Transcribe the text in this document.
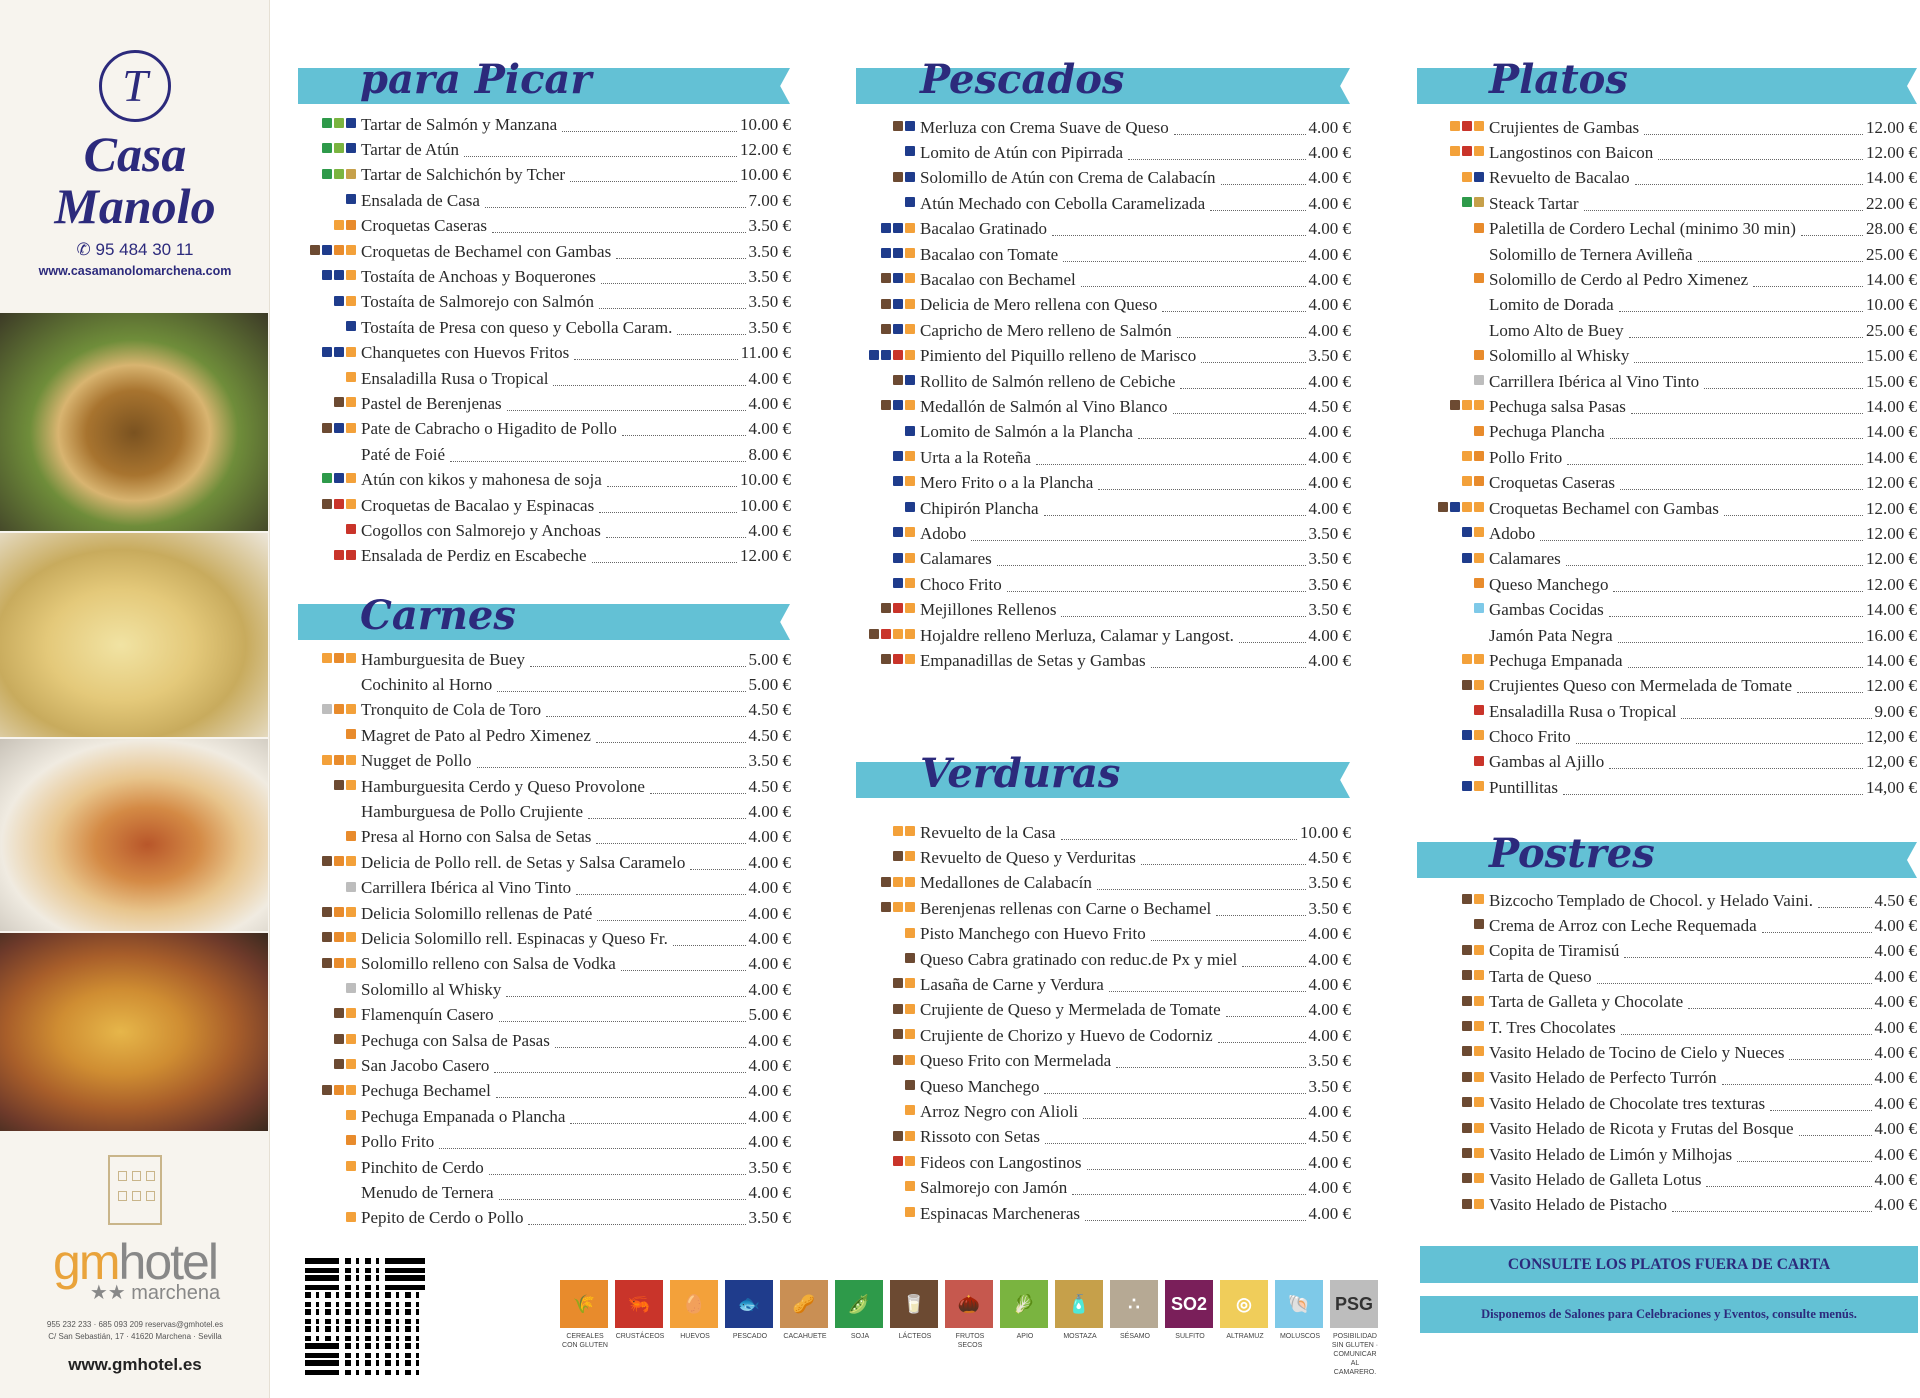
T
Casa
Manolo
✆ 95 484 30 11
www.casamanolomarchena.com
gmhotel
★★ marchena
955 232 233 · 685 093 209 reservas@gmhotel.es
C/ San Sebastián, 17 · 41620 Marchena · Sevilla
www.gmhotel.es
para Picar
Tartar de Salmón y Manzana	10.00 €
Tartar de Atún	12.00 €
Tartar de Salchichón by Tcher	10.00 €
Ensalada de Casa	7.00 €
Croquetas Caseras	3.50 €
Croquetas de Bechamel con Gambas	3.50 €
Tostaíta de Anchoas y Boquerones	3.50 €
Tostaíta de Salmorejo con Salmón	3.50 €
Tostaíta de Presa con queso y Cebolla Caram.	3.50 €
Chanquetes con Huevos Fritos	11.00 €
Ensaladilla Rusa o Tropical	4.00 €
Pastel de Berenjenas	4.00 €
Pate de Cabracho o Higadito de Pollo	4.00 €
Paté de Foié	8.00 €
Atún con kikos y mahonesa de soja	10.00 €
Croquetas de Bacalao y Espinacas	10.00 €
Cogollos con Salmorejo y Anchoas	4.00 €
Ensalada de Perdiz en Escabeche	12.00 €
Carnes
Hamburguesita de Buey	5.00 €
Cochinito al Horno	5.00 €
Tronquito de Cola de Toro	4.50 €
Magret de Pato al Pedro Ximenez	4.50 €
Nugget de Pollo	3.50 €
Hamburguesita Cerdo y Queso Provolone	4.50 €
Hamburguesa de Pollo Crujiente	4.00 €
Presa al Horno con Salsa de Setas	4.00 €
Delicia de Pollo rell. de Setas y Salsa Caramelo	4.00 €
Carrillera Ibérica al Vino Tinto	4.00 €
Delicia Solomillo rellenas de Paté	4.00 €
Delicia Solomillo rell. Espinacas y Queso Fr.	4.00 €
Solomillo relleno con Salsa de Vodka	4.00 €
Solomillo al Whisky	4.00 €
Flamenquín Casero	5.00 €
Pechuga con Salsa de Pasas	4.00 €
San Jacobo Casero	4.00 €
Pechuga Bechamel	4.00 €
Pechuga Empanada o Plancha	4.00 €
Pollo Frito	4.00 €
Pinchito de Cerdo	3.50 €
Menudo de Ternera	4.00 €
Pepito de Cerdo o Pollo	3.50 €
Pescados
Merluza con Crema Suave de Queso	4.00 €
Lomito de Atún con Pipirrada	4.00 €
Solomillo de Atún con Crema de Calabacín	4.00 €
Atún Mechado con Cebolla Caramelizada	4.00 €
Bacalao Gratinado	4.00 €
Bacalao con Tomate	4.00 €
Bacalao con Bechamel	4.00 €
Delicia de Mero rellena con Queso	4.00 €
Capricho de Mero relleno de Salmón	4.00 €
Pimiento del Piquillo relleno de Marisco	3.50 €
Rollito de Salmón relleno de Cebiche	4.00 €
Medallón de Salmón al Vino Blanco	4.50 €
Lomito de Salmón a la Plancha	4.00 €
Urta a la Roteña	4.00 €
Mero Frito o a la Plancha	4.00 €
Chipirón Plancha	4.00 €
Adobo	3.50 €
Calamares	3.50 €
Choco Frito	3.50 €
Mejillones Rellenos	3.50 €
Hojaldre relleno Merluza, Calamar y Langost.	4.00 €
Empanadillas de Setas y Gambas	4.00 €
Verduras
Revuelto de la Casa	10.00 €
Revuelto de Queso y Verduritas	4.50 €
Medallones de Calabacín	3.50 €
Berenjenas rellenas con Carne o Bechamel	3.50 €
Pisto Manchego con Huevo Frito	4.00 €
Queso Cabra gratinado con reduc.de Px y miel	4.00 €
Lasaña de Carne y Verdura	4.00 €
Crujiente de Queso y Mermelada de Tomate	4.00 €
Crujiente de Chorizo y Huevo de Codorniz	4.00 €
Queso Frito con Mermelada	3.50 €
Queso Manchego	3.50 €
Arroz Negro con Alioli	4.00 €
Rissoto con Setas	4.50 €
Fideos con Langostinos	4.00 €
Salmorejo con Jamón	4.00 €
Espinacas Marcheneras	4.00 €
Platos
Crujientes de Gambas	12.00 €
Langostinos con Baicon	12.00 €
Revuelto de Bacalao	14.00 €
Steack Tartar	22.00 €
Paletilla de Cordero Lechal (minimo 30 min)	28.00 €
Solomillo de Ternera Avilleña	25.00 €
Solomillo de Cerdo al Pedro Ximenez	14.00 €
Lomito de Dorada	10.00 €
Lomo Alto de Buey	25.00 €
Solomillo al Whisky	15.00 €
Carrillera Ibérica al Vino Tinto	15.00 €
Pechuga salsa Pasas	14.00 €
Pechuga Plancha	14.00 €
Pollo Frito	14.00 €
Croquetas Caseras	12.00 €
Croquetas Bechamel con Gambas	12.00 €
Adobo	12.00 €
Calamares	12.00 €
Queso Manchego	12.00 €
Gambas Cocidas	14.00 €
Jamón Pata Negra	16.00 €
Pechuga Empanada	14.00 €
Crujientes Queso con Mermelada de Tomate	12.00 €
Ensaladilla Rusa o Tropical	9.00 €
Choco Frito	12,00 €
Gambas al Ajillo	12,00 €
Puntillitas	14,00 €
Postres
Bizcocho Templado de Chocol. y Helado Vaini.	4.50 €
Crema de Arroz con Leche Requemada	4.00 €
Copita de Tiramisú	4.00 €
Tarta de Queso	4.00 €
Tarta de Galleta y Chocolate	4.00 €
T. Tres Chocolates	4.00 €
Vasito Helado de Tocino de Cielo y Nueces	4.00 €
Vasito Helado de Perfecto Turrón	4.00 €
Vasito Helado de Chocolate tres texturas	4.00 €
Vasito Helado de Ricota y Frutas del Bosque	4.00 €
Vasito Helado de Limón y Milhojas	4.00 €
Vasito Helado de Galleta Lotus	4.00 €
Vasito Helado de Pistacho	4.00 €
🌾
CEREALES CON GLUTEN
🦐
CRUSTÁCEOS
🥚
HUEVOS
🐟
PESCADO
🥜
CACAHUETE
🫛
SOJA
🥛
LÁCTEOS
🌰
FRUTOS SECOS
🥬
APIO
🧴
MOSTAZA
∴
SÉSAMO
SO2
SULFITO
◎
ALTRAMUZ
🐚
MOLUSCOS
PSG
POSIBILIDAD SIN GLUTEN · COMUNICAR AL CAMARERO.
CONSULTE LOS PLATOS FUERA DE CARTA
Disponemos de Salones para Celebraciones y Eventos, consulte menús.
